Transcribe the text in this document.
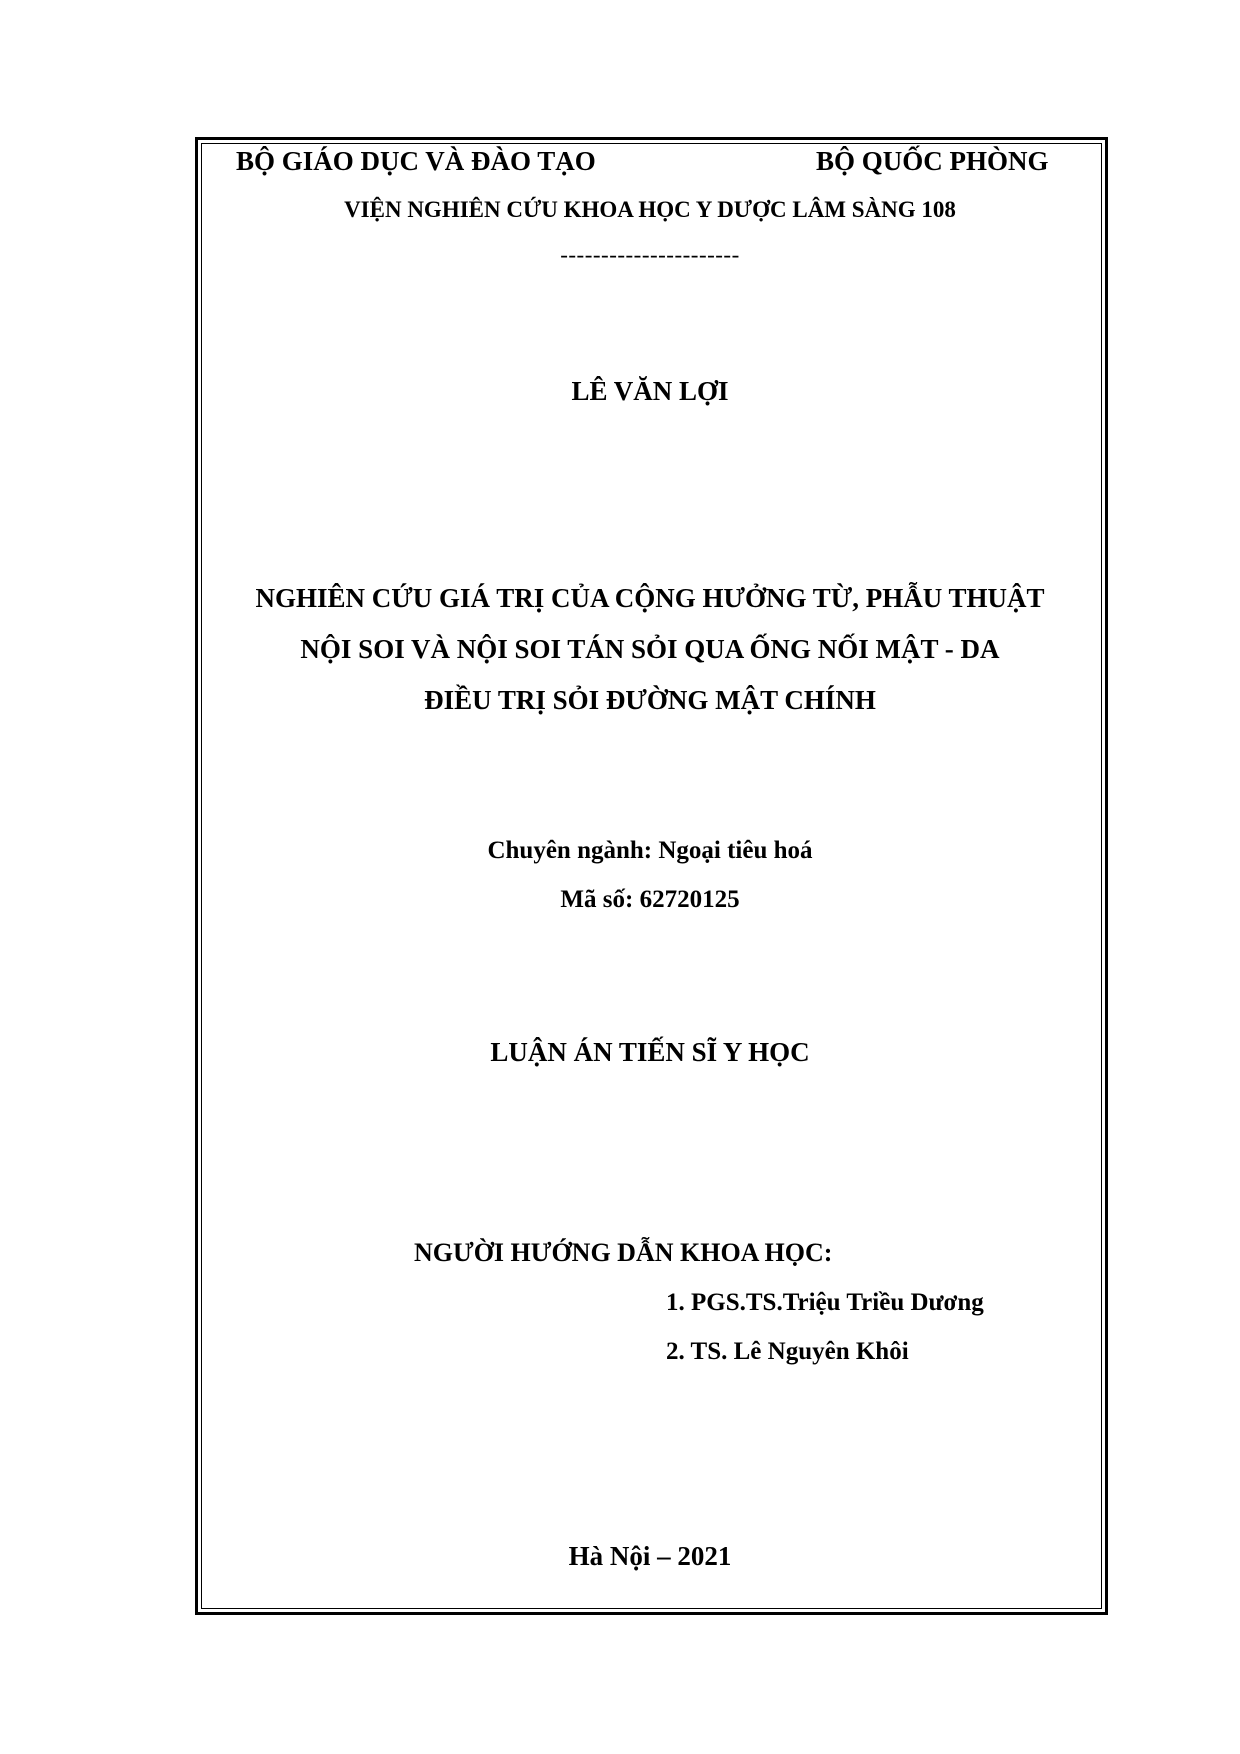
BỘ GIÁO DỤC VÀ ĐÀO TẠO	BỘ QUỐC PHÒNG
VIỆN NGHIÊN CỨU KHOA HỌC Y DƯỢC LÂM SÀNG 108
----------------------
LÊ VĂN LỢI
NGHIÊN CỨU GIÁ TRỊ CỦA CỘNG HƯỞNG TỪ, PHẪU THUẬT
NỘI SOI VÀ NỘI SOI TÁN SỎI QUA ỐNG NỐI MẬT - DA
ĐIỀU TRỊ SỎI ĐƯỜNG MẬT CHÍNH
Chuyên ngành: Ngoại tiêu hoá
Mã số: 62720125
LUẬN ÁN TIẾN SĨ Y HỌC
NGƯỜI HƯỚNG DẪN KHOA HỌC:
1. PGS.TS.Triệu Triều Dương
2. TS. Lê Nguyên Khôi
Hà Nội – 2021
